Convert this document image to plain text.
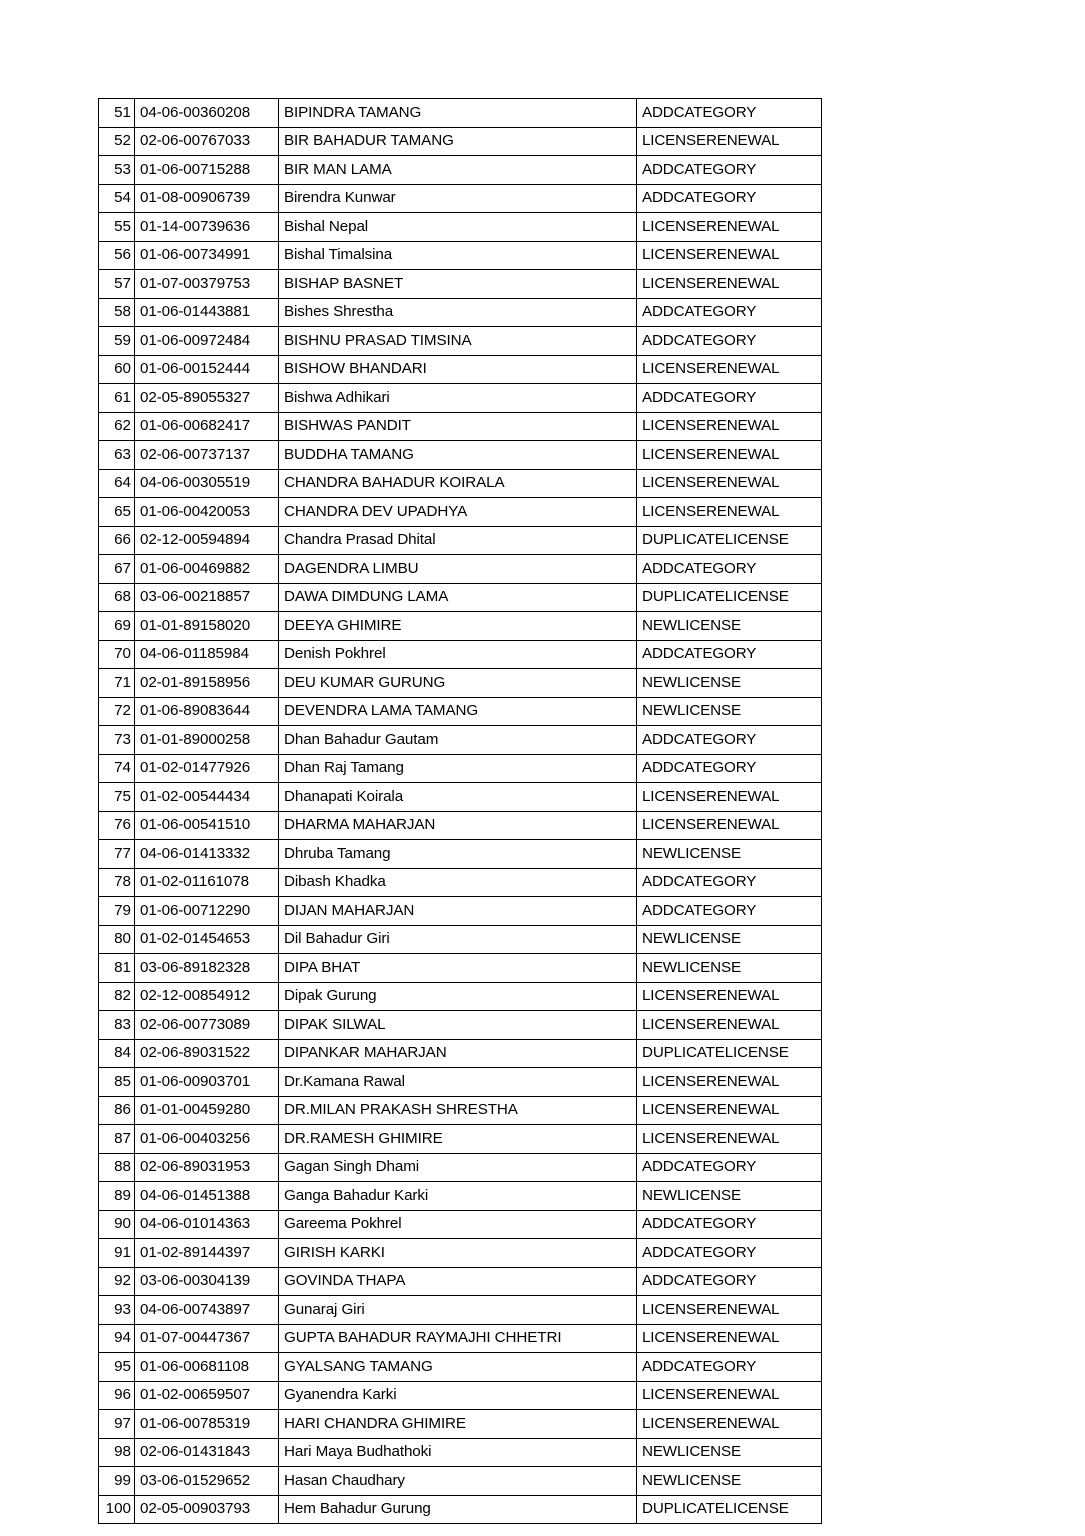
51	04-06-00360208	BIPINDRA TAMANG	ADDCATEGORY
52	02-06-00767033	BIR BAHADUR TAMANG	LICENSERENEWAL
53	01-06-00715288	BIR MAN LAMA	ADDCATEGORY
54	01-08-00906739	Birendra Kunwar	ADDCATEGORY
55	01-14-00739636	Bishal Nepal	LICENSERENEWAL
56	01-06-00734991	Bishal Timalsina	LICENSERENEWAL
57	01-07-00379753	BISHAP BASNET	LICENSERENEWAL
58	01-06-01443881	Bishes Shrestha	ADDCATEGORY
59	01-06-00972484	BISHNU PRASAD TIMSINA	ADDCATEGORY
60	01-06-00152444	BISHOW BHANDARI	LICENSERENEWAL
61	02-05-89055327	Bishwa Adhikari	ADDCATEGORY
62	01-06-00682417	BISHWAS PANDIT	LICENSERENEWAL
63	02-06-00737137	BUDDHA TAMANG	LICENSERENEWAL
64	04-06-00305519	CHANDRA BAHADUR KOIRALA	LICENSERENEWAL
65	01-06-00420053	CHANDRA DEV UPADHYA	LICENSERENEWAL
66	02-12-00594894	Chandra Prasad Dhital	DUPLICATELICENSE
67	01-06-00469882	DAGENDRA LIMBU	ADDCATEGORY
68	03-06-00218857	DAWA DIMDUNG LAMA	DUPLICATELICENSE
69	01-01-89158020	DEEYA GHIMIRE	NEWLICENSE
70	04-06-01185984	Denish Pokhrel	ADDCATEGORY
71	02-01-89158956	DEU KUMAR GURUNG	NEWLICENSE
72	01-06-89083644	DEVENDRA LAMA TAMANG	NEWLICENSE
73	01-01-89000258	Dhan Bahadur Gautam	ADDCATEGORY
74	01-02-01477926	Dhan Raj Tamang	ADDCATEGORY
75	01-02-00544434	Dhanapati Koirala	LICENSERENEWAL
76	01-06-00541510	DHARMA MAHARJAN	LICENSERENEWAL
77	04-06-01413332	Dhruba Tamang	NEWLICENSE
78	01-02-01161078	Dibash Khadka	ADDCATEGORY
79	01-06-00712290	DIJAN MAHARJAN	ADDCATEGORY
80	01-02-01454653	Dil Bahadur Giri	NEWLICENSE
81	03-06-89182328	DIPA BHAT	NEWLICENSE
82	02-12-00854912	Dipak Gurung	LICENSERENEWAL
83	02-06-00773089	DIPAK SILWAL	LICENSERENEWAL
84	02-06-89031522	DIPANKAR MAHARJAN	DUPLICATELICENSE
85	01-06-00903701	Dr.Kamana Rawal	LICENSERENEWAL
86	01-01-00459280	DR.MILAN PRAKASH SHRESTHA	LICENSERENEWAL
87	01-06-00403256	DR.RAMESH GHIMIRE	LICENSERENEWAL
88	02-06-89031953	Gagan Singh Dhami	ADDCATEGORY
89	04-06-01451388	Ganga Bahadur Karki	NEWLICENSE
90	04-06-01014363	Gareema Pokhrel	ADDCATEGORY
91	01-02-89144397	GIRISH KARKI	ADDCATEGORY
92	03-06-00304139	GOVINDA THAPA	ADDCATEGORY
93	04-06-00743897	Gunaraj Giri	LICENSERENEWAL
94	01-07-00447367	GUPTA BAHADUR RAYMAJHI CHHETRI	LICENSERENEWAL
95	01-06-00681108	GYALSANG TAMANG	ADDCATEGORY
96	01-02-00659507	Gyanendra Karki	LICENSERENEWAL
97	01-06-00785319	HARI CHANDRA GHIMIRE	LICENSERENEWAL
98	02-06-01431843	Hari Maya Budhathoki	NEWLICENSE
99	03-06-01529652	Hasan Chaudhary	NEWLICENSE
100	02-05-00903793	Hem Bahadur Gurung	DUPLICATELICENSE
